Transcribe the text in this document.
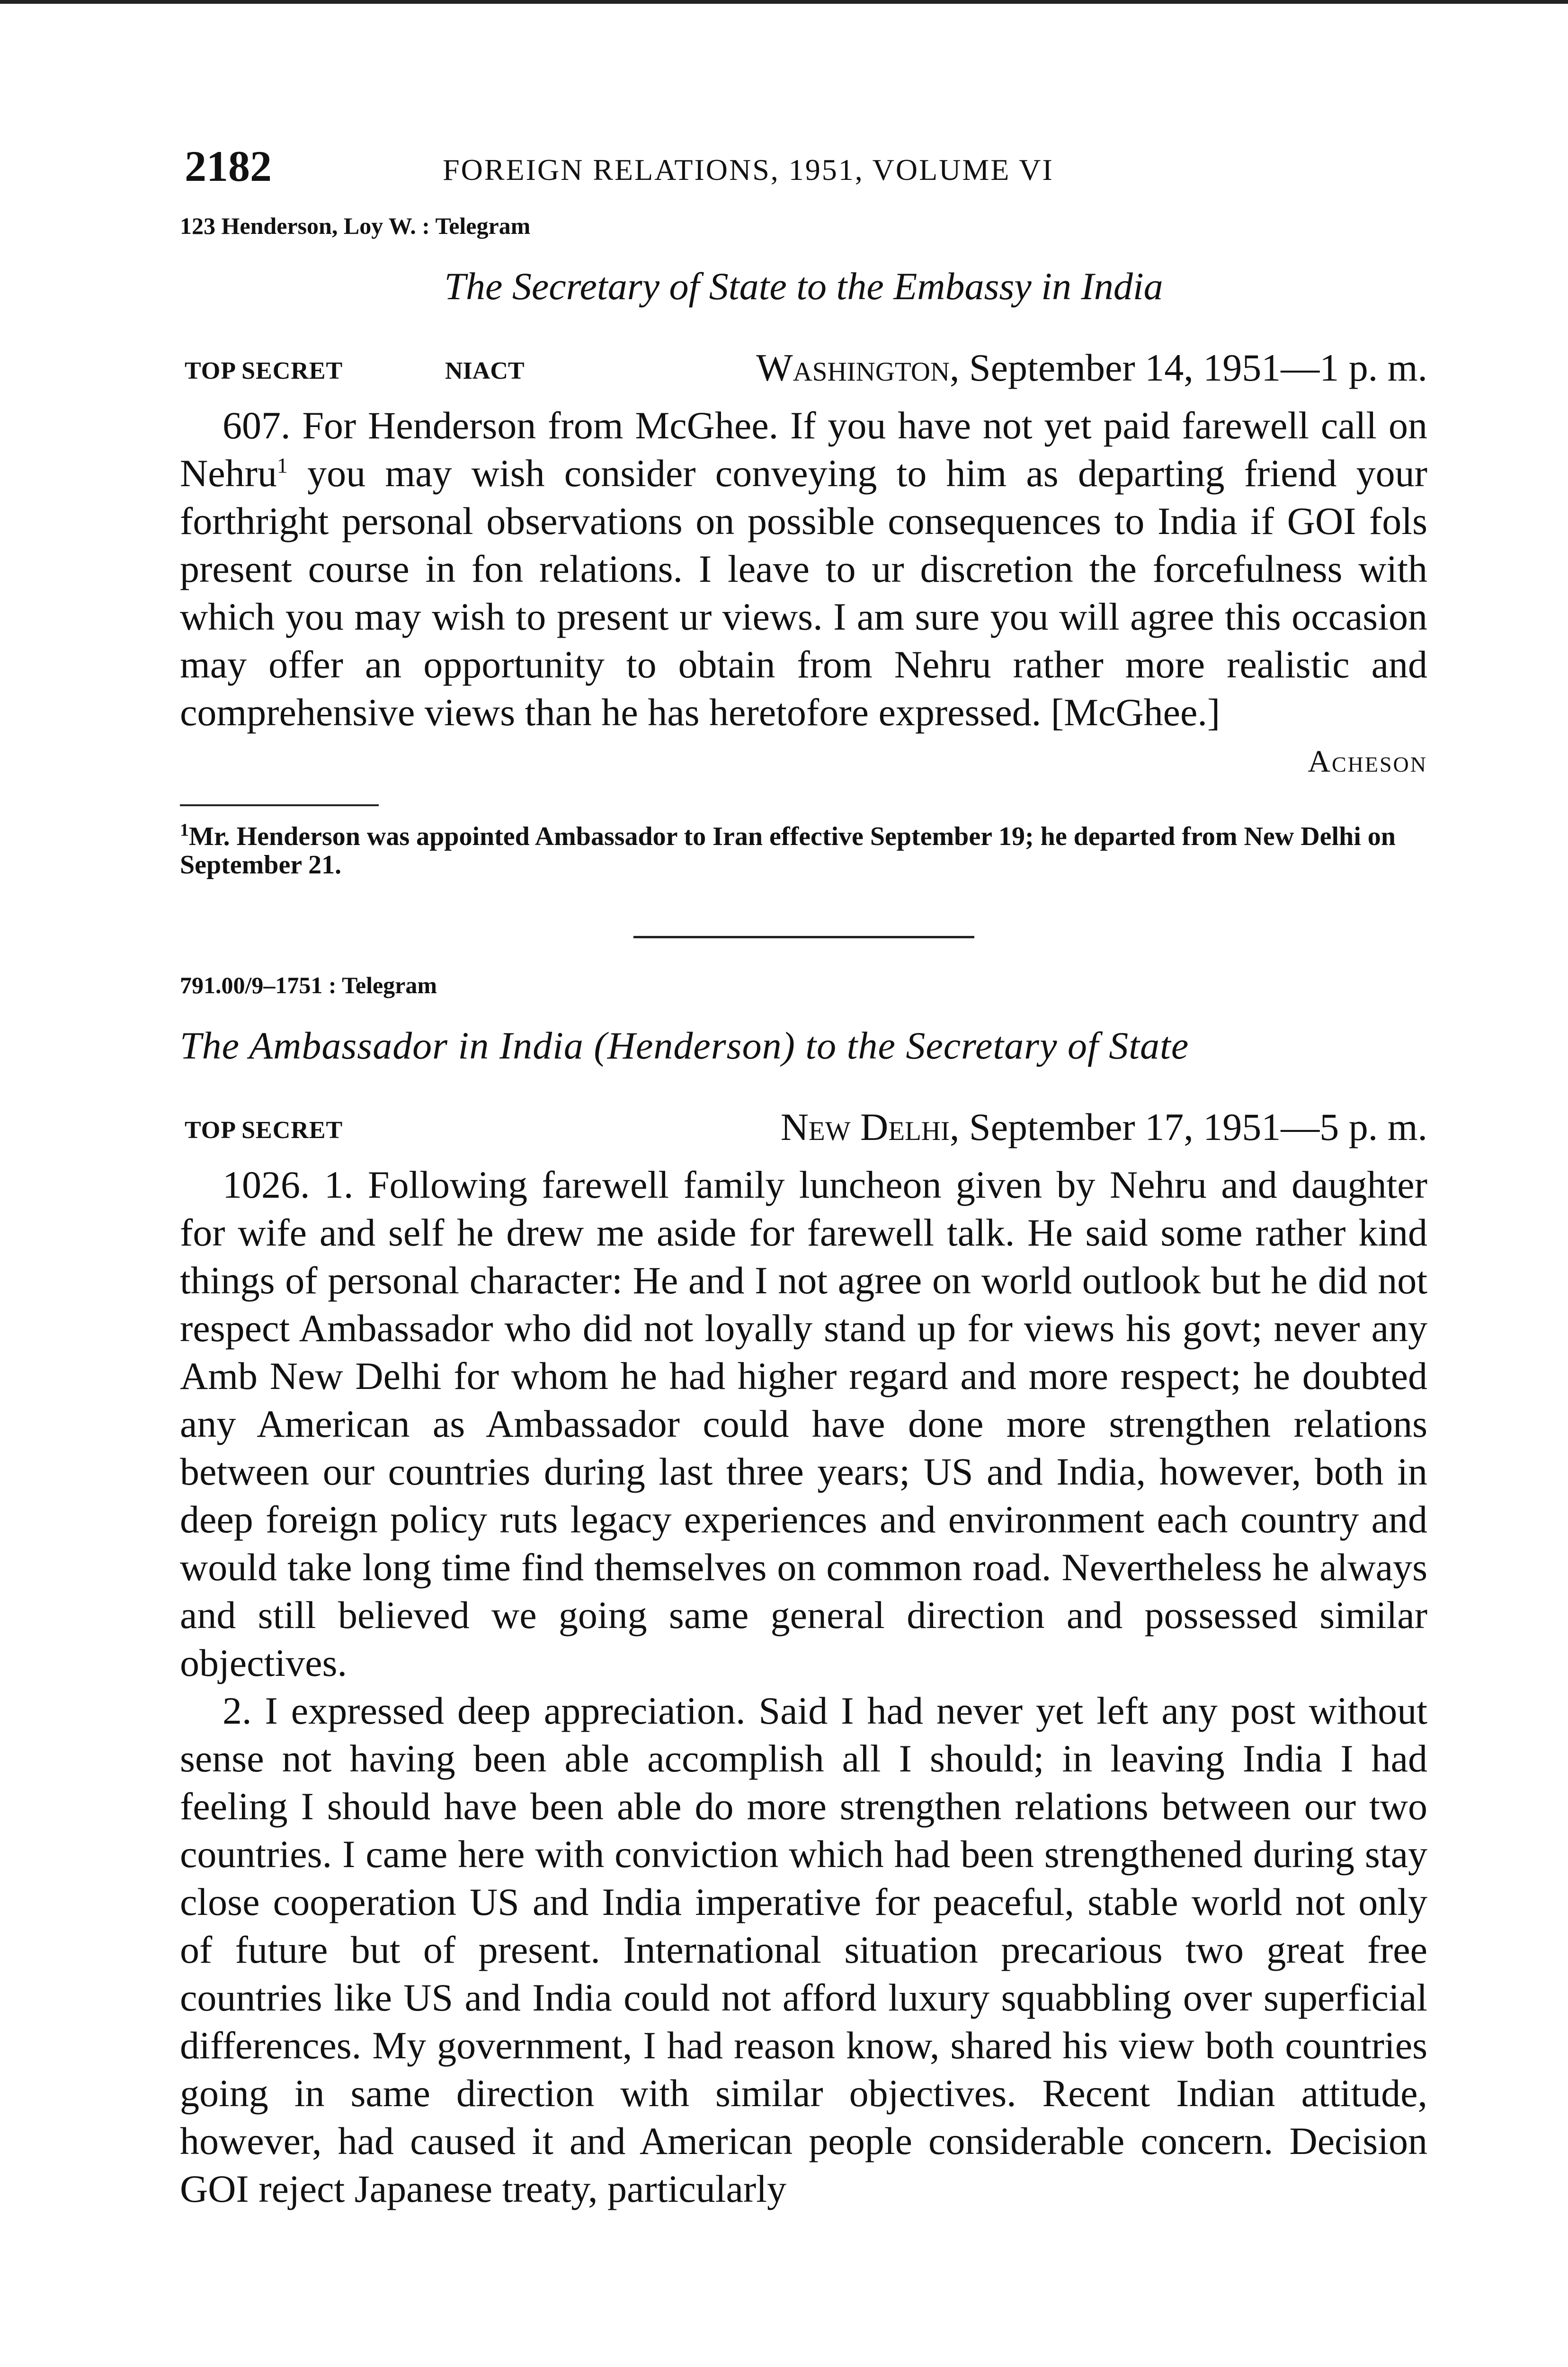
2182	FOREIGN RELATIONS, 1951, VOLUME VI
123 Henderson, Loy W. : Telegram
The Secretary of State to the Embassy in India
TOP SECRET	NIACT	Washington, September 14, 1951—1 p. m.

607. For Henderson from McGhee. If you have not yet paid farewell call on Nehru$^1$ you may wish consider conveying to him as departing friend your forthright personal observations on possible consequences to India if GOI fols present course in fon relations. I leave to ur discretion the forcefulness with which you may wish to present ur views. I am sure you will agree this occasion may offer an opportunity to obtain from Nehru rather more realistic and comprehensive views than he has heretofore expressed. [McGhee.]

Acheson
$^1$Mr. Henderson was appointed Ambassador to Iran effective September 19; he departed from New Delhi on September 21.
791.00/9–1751 : Telegram
The Ambassador in India (Henderson) to the Secretary of State
TOP SECRET	New Delhi, September 17, 1951—5 p. m.

1026. 1. Following farewell family luncheon given by Nehru and daughter for wife and self he drew me aside for farewell talk. He said some rather kind things of personal character: He and I not agree on world outlook but he did not respect Ambassador who did not loyally stand up for views his govt; never any Amb New Delhi for whom he had higher regard and more respect; he doubted any American as Ambassador could have done more strengthen relations between our countries during last three years; US and India, however, both in deep foreign policy ruts legacy experiences and environment each country and would take long time find themselves on common road. Nevertheless he always and still believed we going same general direction and possessed similar objectives.

2. I expressed deep appreciation. Said I had never yet left any post without sense not having been able accomplish all I should; in leaving India I had feeling I should have been able do more strengthen relations between our two countries. I came here with conviction which had been strengthened during stay close cooperation US and India imperative for peaceful, stable world not only of future but of present. International situation precarious two great free countries like US and India could not afford luxury squabbling over superficial differences. My government, I had reason know, shared his view both countries going in same direction with similar objectives. Recent Indian attitude, however, had caused it and American people considerable concern. Decision GOI reject Japanese treaty, particularly
